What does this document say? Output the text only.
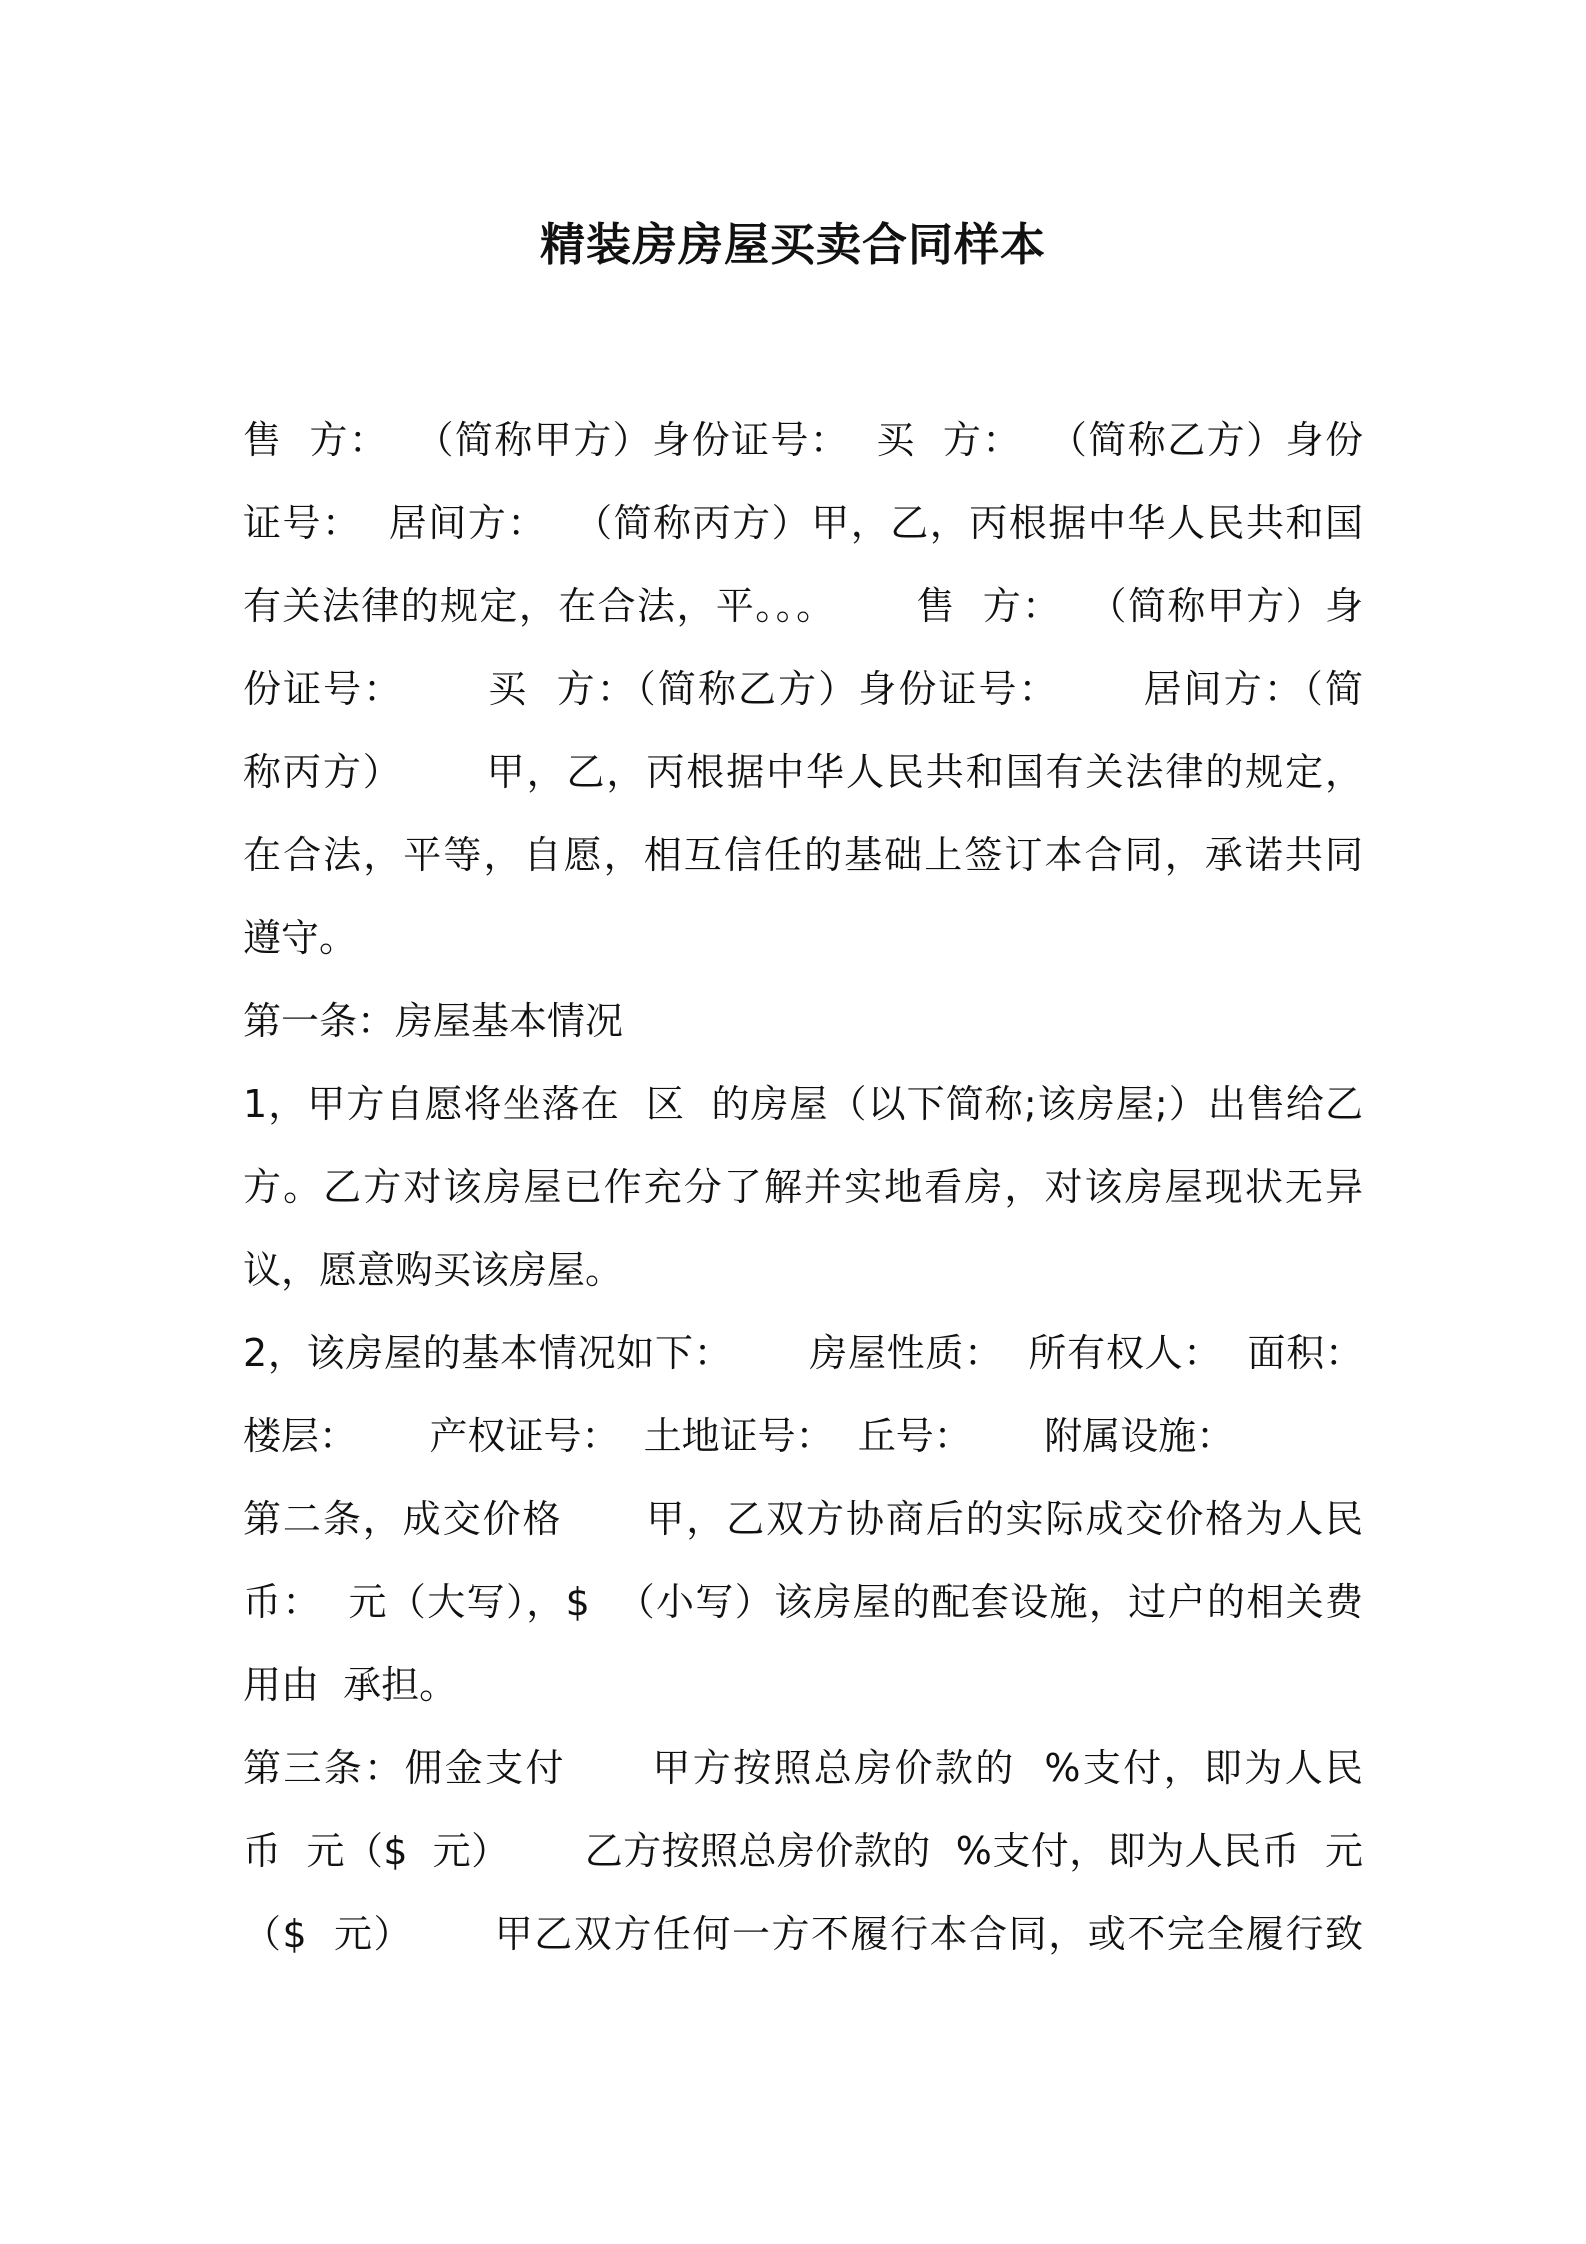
精装房房屋买卖合同样本
售  方：  （简称甲方）身份证号：  买  方：  （简称乙方）身份
证号：  居间方：  （简称丙方）甲，乙，丙根据中华人民共和国
有关法律的规定，在合法，平。。。      售  方：  （简称甲方）身
份证号：      买  方：（简称乙方）身份证号：      居间方：（简
称丙方）      甲，乙，丙根据中华人民共和国有关法律的规定，
在合法，平等，自愿，相互信任的基础上签订本合同，承诺共同
遵守。
第一条：房屋基本情况
1，甲方自愿将坐落在  区  的房屋（以下简称;该房屋;）出售给乙
方。乙方对该房屋已作充分了解并实地看房，对该房屋现状无异
议，愿意购买该房屋。
2，该房屋的基本情况如下：      房屋性质：  所有权人：  面积：
楼层：      产权证号：  土地证号：  丘号：      附属设施：
第二条，成交价格      甲，乙双方协商后的实际成交价格为人民
币：  元（大写），$  （小写）该房屋的配套设施，过户的相关费
用由  承担。
第三条：佣金支付      甲方按照总房价款的  %支付，即为人民
币  元（$  元）      乙方按照总房价款的  %支付，即为人民币  元
（$  元）      甲乙双方任何一方不履行本合同，或不完全履行致
